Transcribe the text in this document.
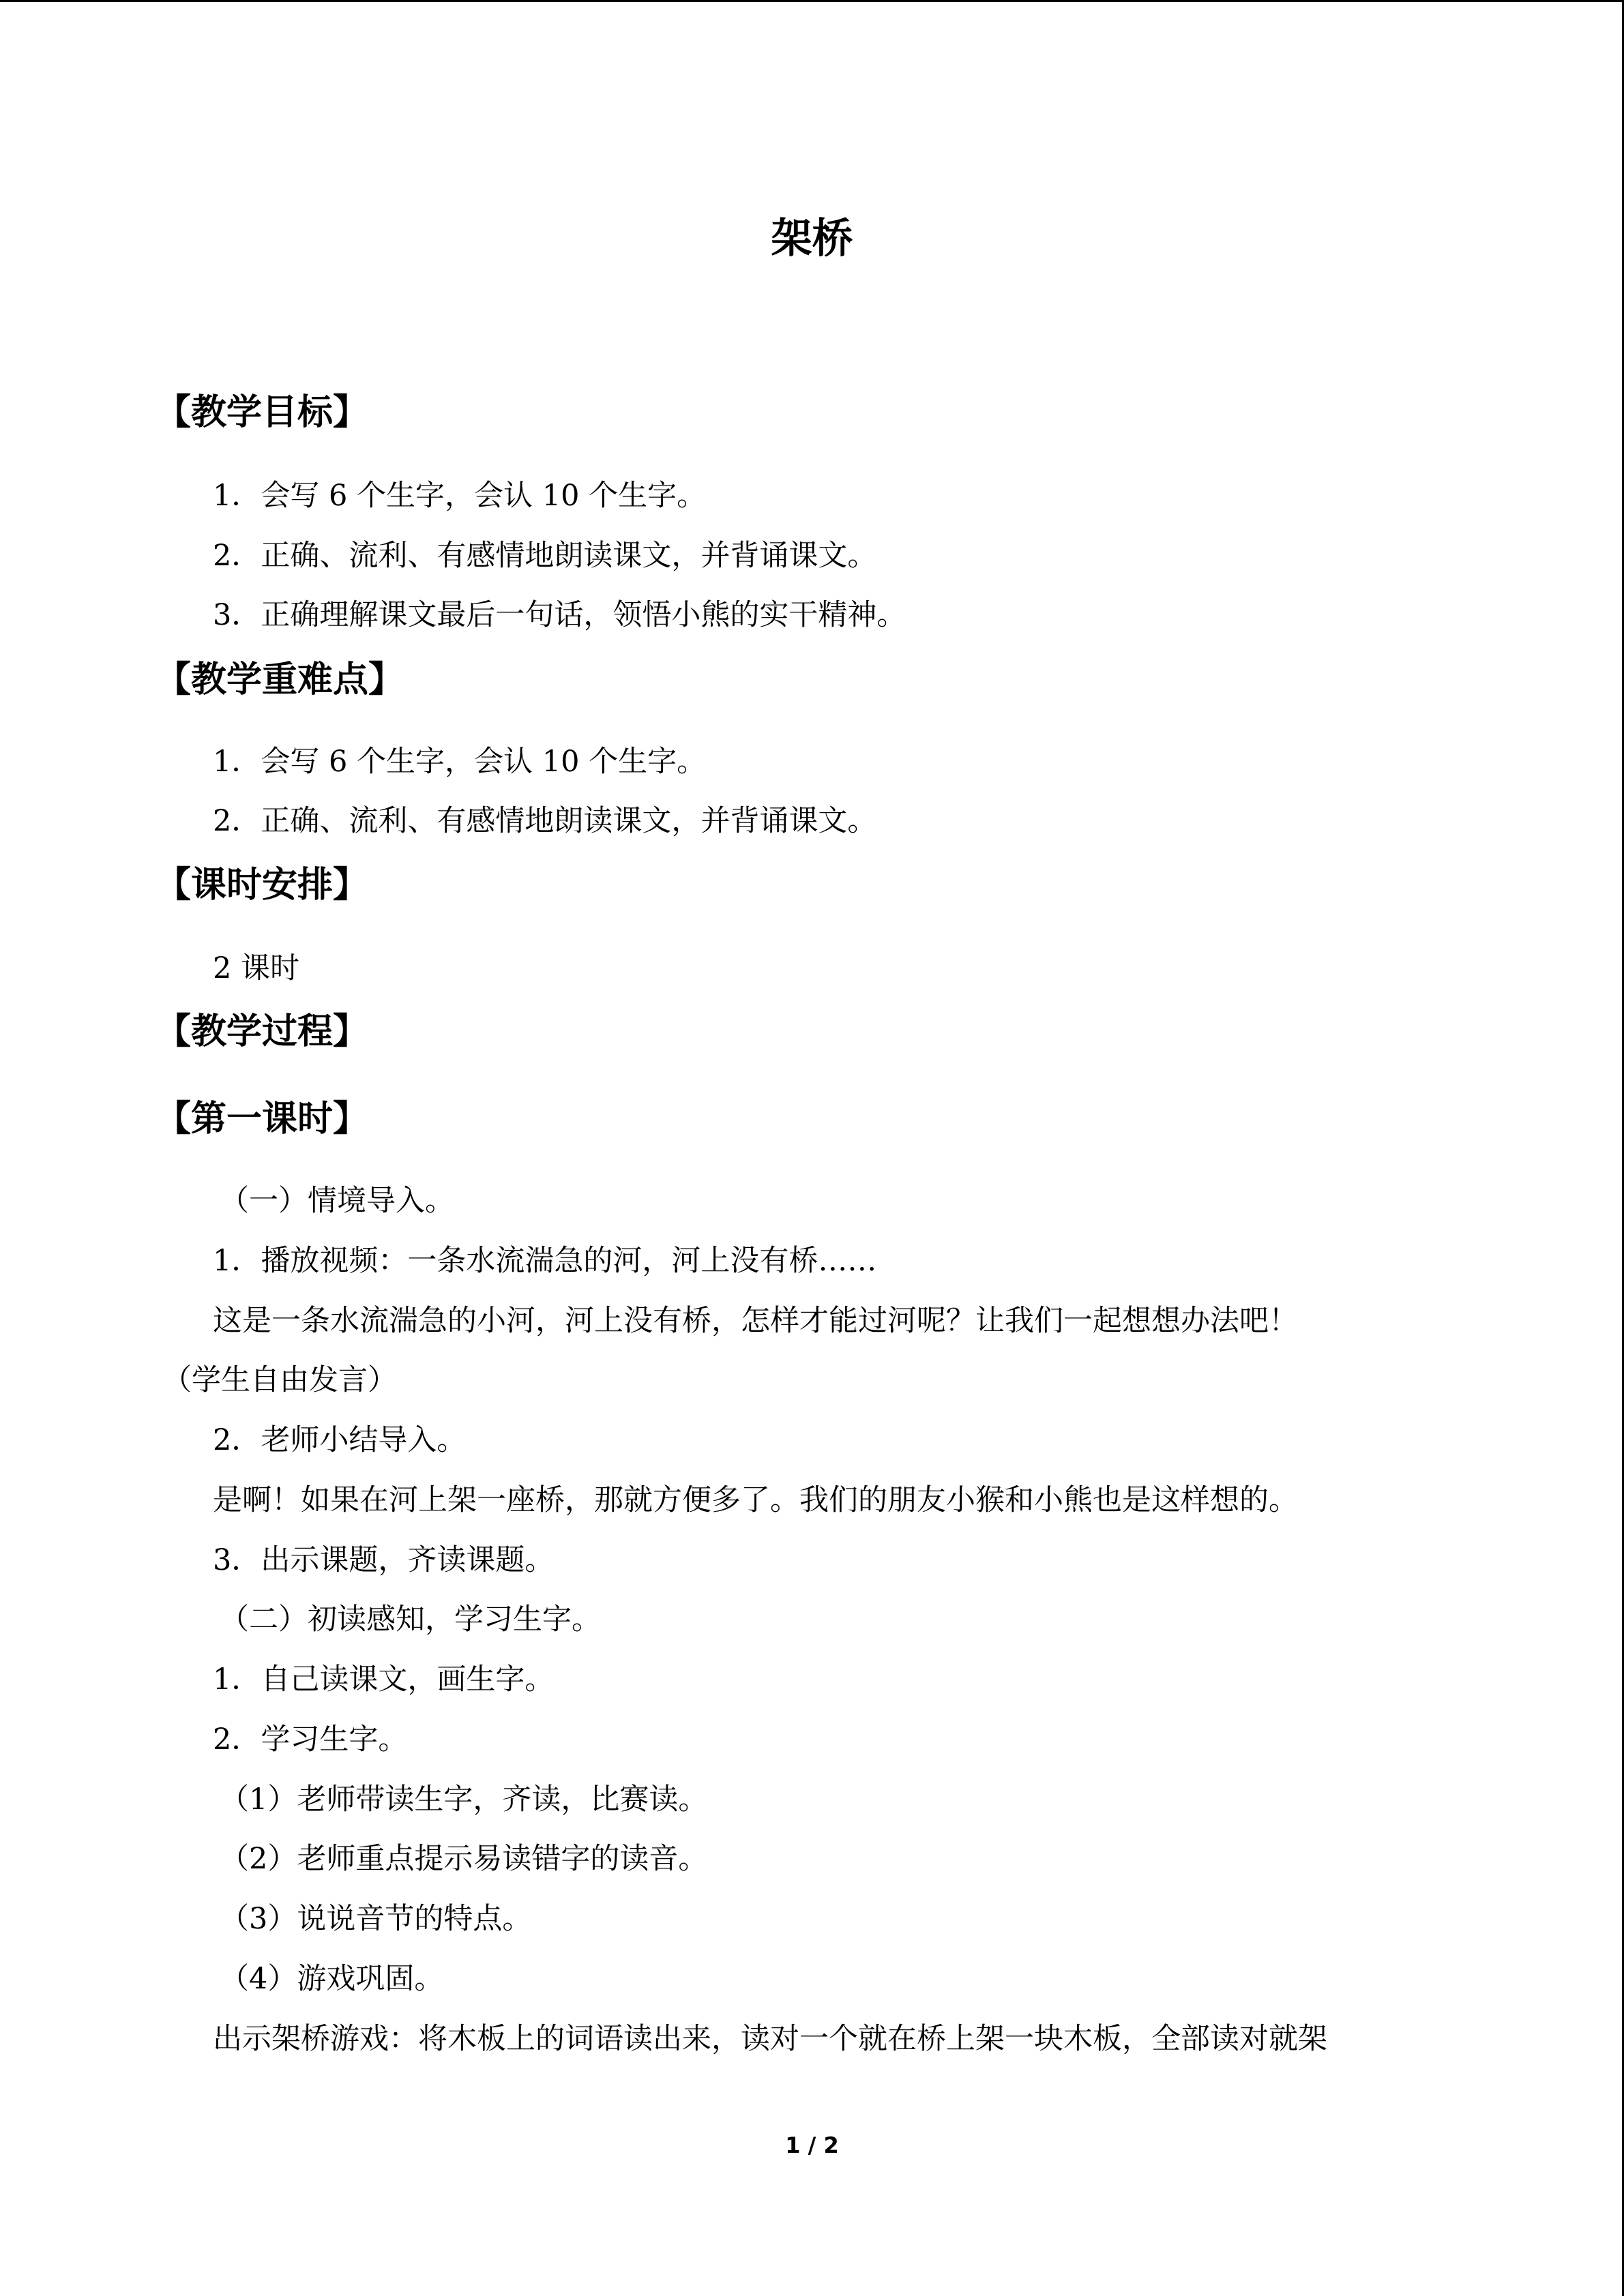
架桥
【教学目标】
1．会写 6 个生字，会认 10 个生字。
2．正确、流利、有感情地朗读课文，并背诵课文。
3．正确理解课文最后一句话，领悟小熊的实干精神。
【教学重难点】
1．会写 6 个生字，会认 10 个生字。
2．正确、流利、有感情地朗读课文，并背诵课文。
【课时安排】
2 课时
【教学过程】
【第一课时】
（一）情境导入。
1．播放视频：一条水流湍急的河，河上没有桥……
这是一条水流湍急的小河，河上没有桥，怎样才能过河呢？让我们一起想想办法吧！
（学生自由发言）
2．老师小结导入。
是啊！如果在河上架一座桥，那就方便多了。我们的朋友小猴和小熊也是这样想的。
3．出示课题，齐读课题。
（二）初读感知，学习生字。
1．自己读课文，画生字。
2．学习生字。
（1）老师带读生字，齐读，比赛读。
（2）老师重点提示易读错字的读音。
（3）说说音节的特点。
（4）游戏巩固。
出示架桥游戏：将木板上的词语读出来，读对一个就在桥上架一块木板，全部读对就架
1 / 2
